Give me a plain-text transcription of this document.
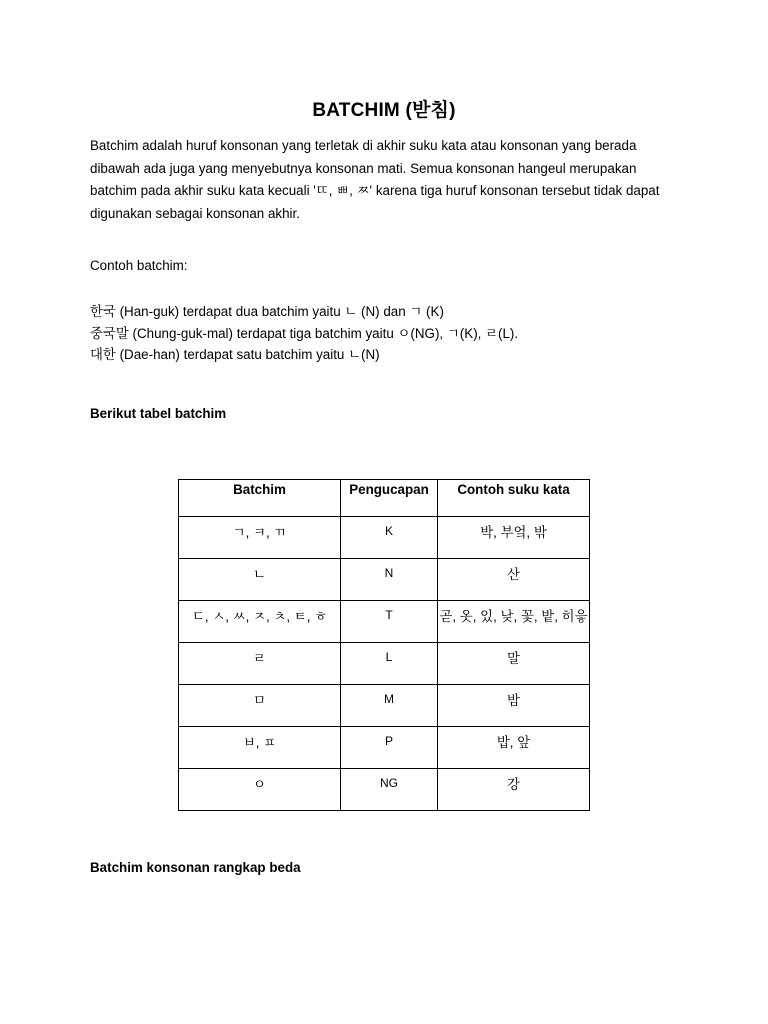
BATCHIM (받침)
Batchim adalah huruf konsonan yang terletak di akhir suku kata atau konsonan yang berada
dibawah ada juga yang menyebutnya konsonan mati. Semua konsonan hangeul merupakan
batchim pada akhir suku kata kecuali 'ㄸ, ㅃ, ㅉ' karena tiga huruf konsonan tersebut tidak dapat
digunakan sebagai konsonan akhir.
Contoh batchim:
한국 (Han-guk) terdapat dua batchim yaitu ㄴ (N) dan ㄱ (K)
중국말 (Chung-guk-mal) terdapat tiga batchim yaitu ㅇ(NG), ㄱ(K), ㄹ(L).
대한 (Dae-han) terdapat satu batchim yaitu ㄴ(N)
Berikut tabel batchim
Batchim	Pengucapan	Contoh suku kata
ㄱ, ㅋ, ㄲ	K	박, 부엌, 밖
ㄴ	N	산
ㄷ, ㅅ, ㅆ, ㅈ, ㅊ, ㅌ, ㅎ	T	곧, 옷, 있, 낮, 꽃, 밭, 히읗
ㄹ	L	말
ㅁ	M	밤
ㅂ, ㅍ	P	밥, 앞
ㅇ	NG	강
Batchim konsonan rangkap beda
